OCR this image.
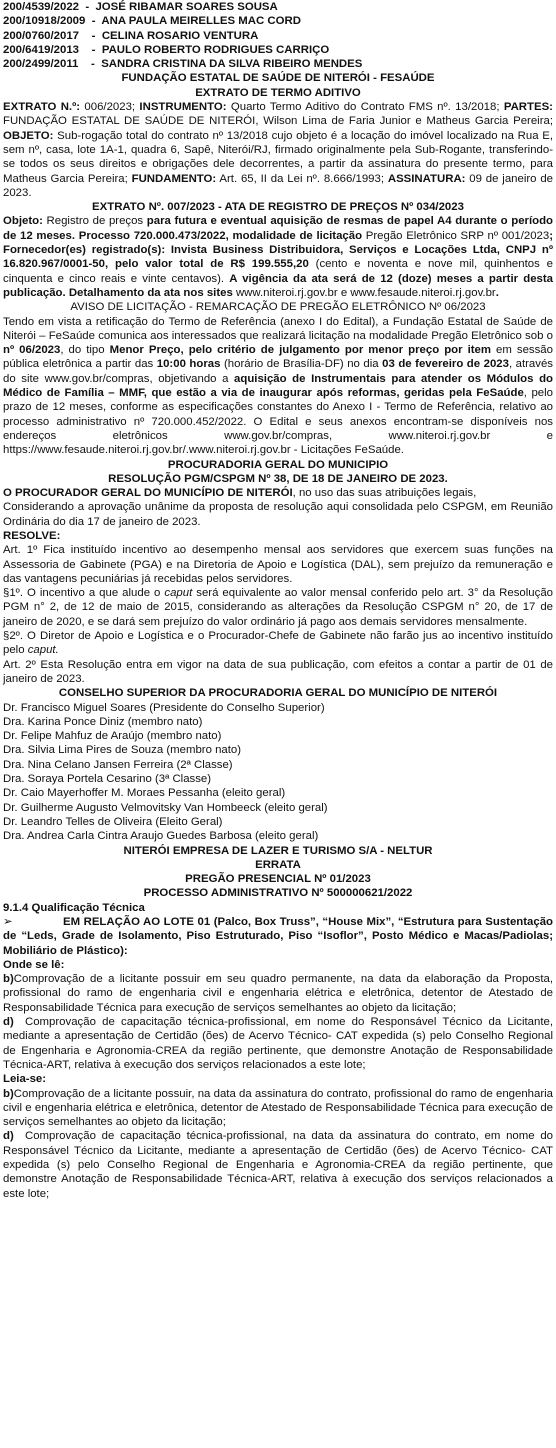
200/4539/2022  -  JOSÉ RIBAMAR SOARES SOUSA
200/10918/2009  -  ANA PAULA MEIRELLES MAC CORD
200/0760/2017    -  CELINA ROSARIO VENTURA
200/6419/2013    -  PAULO ROBERTO RODRIGUES CARRIÇO
200/2499/2011    -  SANDRA CRISTINA DA SILVA RIBEIRO MENDES
FUNDAÇÃO ESTATAL DE SAÚDE DE NITERÓI - FESAÚDE
EXTRATO DE TERMO ADITIVO
EXTRATO N.º: 006/2023; INSTRUMENTO: Quarto Termo Aditivo do Contrato FMS nº. 13/2018; PARTES: FUNDAÇÃO ESTATAL DE SAÚDE DE NITERÓI, Wilson Lima de Faria Junior e Matheus Garcia Pereira; OBJETO: Sub-rogação total do contrato nº 13/2018 cujo objeto é a locação do imóvel localizado na Rua E, sem nº, casa, lote 1A-1, quadra 6, Sapê, Niterói/RJ, firmado originalmente pela Sub-Rogante, transferindo-se todos os seus direitos e obrigações dele decorrentes, a partir da assinatura do presente termo, para Matheus Garcia Pereira; FUNDAMENTO: Art. 65, II da Lei nº. 8.666/1993; ASSINATURA: 09 de janeiro de 2023.
EXTRATO Nº. 007/2023 - ATA DE REGISTRO DE PREÇOS Nº 034/2023
Objeto: Registro de preços para futura e eventual aquisição de resmas de papel A4 durante o período de 12 meses. Processo 720.000.473/2022, modalidade de licitação Pregão Eletrônico SRP nº 001/2023; Fornecedor(es) registrado(s): Invista Business Distribuidora, Serviços e Locações Ltda, CNPJ nº 16.820.967/0001-50, pelo valor total de R$ 199.555,20 (cento e noventa e nove mil, quinhentos e cinquenta e cinco reais e vinte centavos). A vigência da ata será de 12 (doze) meses a partir desta publicação. Detalhamento da ata nos sites www.niteroi.rj.gov.br e www.fesaude.niteroi.rj.gov.br.
AVISO DE LICITAÇÃO - REMARCAÇÃO DE PREGÃO ELETRÔNICO Nº 06/2023
Tendo em vista a retificação do Termo de Referência (anexo I do Edital), a Fundação Estatal de Saúde de Niterói – FeSaúde comunica aos interessados que realizará licitação na modalidade Pregão Eletrônico sob o nº 06/2023, do tipo Menor Preço, pelo critério de julgamento por menor preço por item em sessão pública eletrônica a partir das 10:00 horas (horário de Brasília-DF) no dia 03 de fevereiro de 2023, através do site www.gov.br/compras, objetivando a aquisição de Instrumentais para atender os Módulos do Médico de Família – MMF, que estão a via de inaugurar após reformas, geridas pela FeSaúde, pelo prazo de 12 meses, conforme as especificações constantes do Anexo I - Termo de Referência, relativo ao processo administrativo nº 720.000.452/2022. O Edital e seus anexos encontram-se disponíveis nos endereços eletrônicos www.gov.br/compras, www.niteroi.rj.gov.br e https://www.fesaude.niteroi.rj.gov.br/.www.niteroi.rj.gov.br - Licitações FeSaúde.
PROCURADORIA GERAL DO MUNICIPIO
RESOLUÇÃO PGM/CSPGM Nº 38, DE 18 DE JANEIRO DE 2023.
O PROCURADOR GERAL DO MUNICÍPIO DE NITERÓI, no uso das suas atribuições legais,
Considerando a aprovação unânime da proposta de resolução aqui consolidada pelo CSPGM, em Reunião Ordinária do dia 17 de janeiro de 2023.
RESOLVE:
Art. 1º Fica instituído incentivo ao desempenho mensal aos servidores que exercem suas funções na Assessoria de Gabinete (PGA) e na Diretoria de Apoio e Logística (DAL), sem prejuízo da remuneração e das vantagens pecuniárias já recebidas pelos servidores.
§1º. O incentivo a que alude o caput será equivalente ao valor mensal conferido pelo art. 3° da Resolução PGM n° 2, de 12 de maio de 2015, considerando as alterações da Resolução CSPGM n° 20, de 17 de janeiro de 2020, e se dará sem prejuízo do valor ordinário já pago aos demais servidores mensalmente.
§2º. O Diretor de Apoio e Logística e o Procurador-Chefe de Gabinete não farão jus ao incentivo instituído pelo caput.
Art. 2º Esta Resolução entra em vigor na data de sua publicação, com efeitos a contar a partir de 01 de janeiro de 2023.
CONSELHO SUPERIOR DA PROCURADORIA GERAL DO MUNICÍPIO DE NITERÓI
Dr. Francisco Miguel Soares (Presidente do Conselho Superior)
Dra. Karina Ponce Diniz (membro nato)
Dr. Felipe Mahfuz de Araújo (membro nato)
Dra. Silvia Lima Pires de Souza (membro nato)
Dra. Nina Celano Jansen Ferreira (2ª Classe)
Dra. Soraya Portela Cesarino (3ª Classe)
Dr. Caio Mayerhoffer M. Moraes Pessanha (eleito geral)
Dr. Guilherme Augusto Velmovitsky Van Hombeeck (eleito geral)
Dr. Leandro Telles de Oliveira (Eleito Geral)
Dra. Andrea Carla Cintra Araujo Guedes Barbosa (eleito geral)
NITERÓI EMPRESA DE LAZER E TURISMO S/A - NELTUR
ERRATA
PREGÃO PRESENCIAL Nº 01/2023
PROCESSO ADMINISTRATIVO Nº 500000621/2022
9.1.4 Qualificação Técnica
➢	EM RELAÇÃO AO LOTE 01 (Palco, Box Truss”, “House Mix”, “Estrutura para Sustentação de “Leds, Grade de Isolamento, Piso Estruturado, Piso “Isoflor”, Posto Médico e Macas/Padiolas; Mobiliário de Plástico):
Onde se lê:
b)Comprovação de a licitante possuir em seu quadro permanente, na data da elaboração da Proposta, profissional do ramo de engenharia civil e engenharia elétrica e eletrônica, detentor de Atestado de Responsabilidade Técnica para execução de serviços semelhantes ao objeto da licitação;
d) Comprovação de capacitação técnica-profissional, em nome do Responsável Técnico da Licitante, mediante a apresentação de Certidão (ões) de Acervo Técnico- CAT expedida (s) pelo Conselho Regional de Engenharia e Agronomia-CREA da região pertinente, que demonstre Anotação de Responsabilidade Técnica-ART, relativa à execução dos serviços relacionados a este lote;
Leia-se:
b)Comprovação de a licitante possuir, na data da assinatura do contrato, profissional do ramo de engenharia civil e engenharia elétrica e eletrônica, detentor de Atestado de Responsabilidade Técnica para execução de serviços semelhantes ao objeto da licitação;
d) Comprovação de capacitação técnica-profissional, na data da assinatura do contrato, em nome do Responsável Técnico da Licitante, mediante a apresentação de Certidão (ões) de Acervo Técnico- CAT expedida (s) pelo Conselho Regional de Engenharia e Agronomia-CREA da região pertinente, que demonstre Anotação de Responsabilidade Técnica-ART, relativa à execução dos serviços relacionados a este lote;
